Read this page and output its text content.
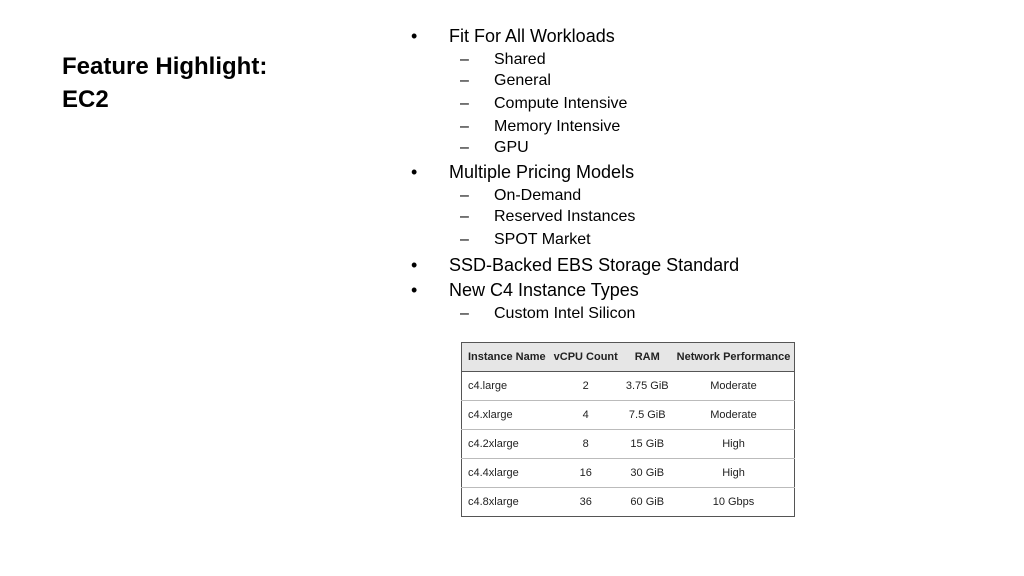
Feature Highlight:
EC2
• Fit For All Workloads
– Shared
– General
– Compute Intensive
– Memory Intensive
– GPU
• Multiple Pricing Models
– On-Demand
– Reserved Instances
– SPOT Market
• SSD-Backed EBS Storage Standard
• New C4 Instance Types
– Custom Intel Silicon
Instance Name	vCPU Count	RAM	Network Performance
c4.large	2	3.75 GiB	Moderate
c4.xlarge	4	7.5 GiB	Moderate
c4.2xlarge	8	15 GiB	High
c4.4xlarge	16	30 GiB	High
c4.8xlarge	36	60 GiB	10 Gbps
